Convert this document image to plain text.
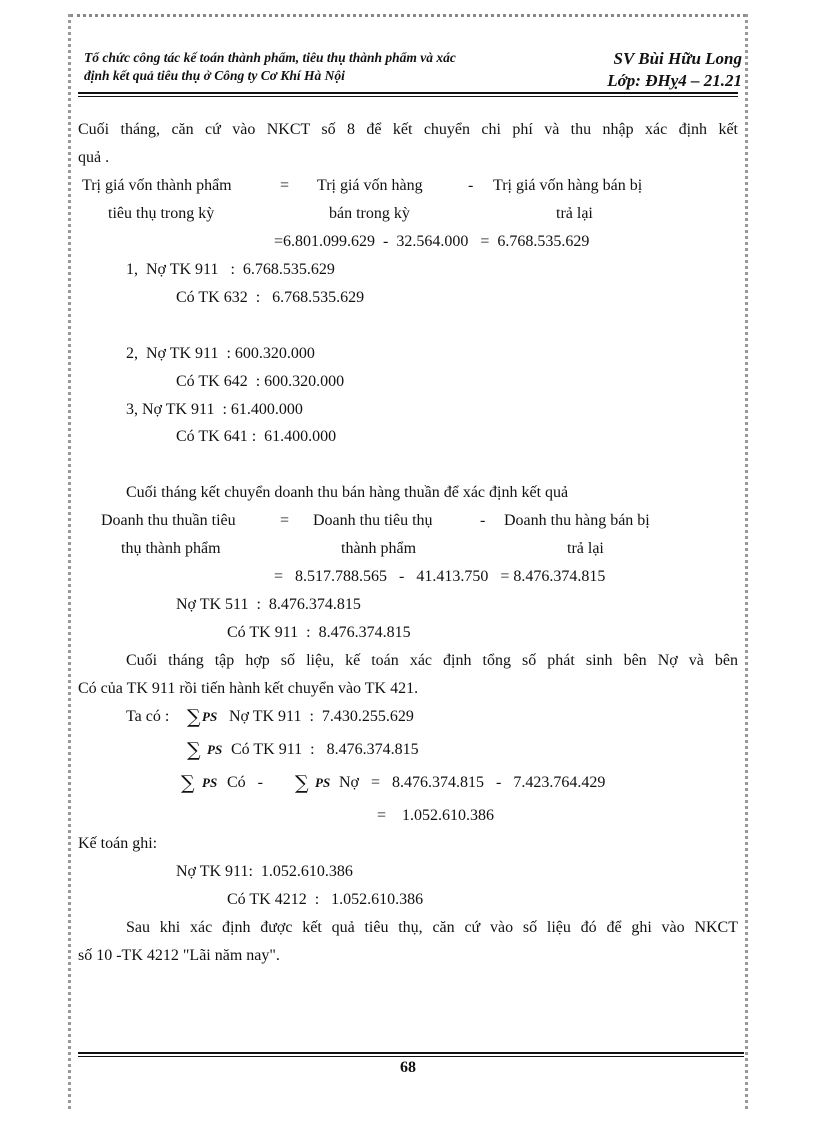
Tổ chức công tác kế toán thành phẩm, tiêu thụ thành phẩm và xác
định kết quả tiêu thụ ở Công ty Cơ Khí Hà Nội
SV Bùi Hữu Long
Lớp: ĐHỵ4 – 21.21
Cuối tháng, căn cứ vào NKCT số 8 để kết chuyển chi phí và thu nhập xác định kết
quả .
Trị giá vốn thành phẩm	= Trị giá vốn hàng	- Trị giá vốn hàng bán bị
tiêu thụ trong kỳ	bán trong kỳ	trả lại
=6.801.099.629  -  32.564.000   =  6.768.535.629
1,  Nợ TK 911   :  6.768.535.629
Có TK 632  :   6.768.535.629
2,  Nợ TK 911  : 600.320.000
Có TK 642  : 600.320.000
3, Nợ TK 911  : 61.400.000
Có TK 641 :  61.400.000
Cuối tháng kết chuyển doanh thu bán hàng thuần để xác định kết quả
Doanh thu thuần tiêu	= Doanh thu tiêu thụ	- Doanh thu hàng bán bị
thụ thành phẩm	thành phẩm	trả lại
=   8.517.788.565   -   41.413.750   = 8.476.374.815
Nợ TK 511  :  8.476.374.815
Có TK 911  :  8.476.374.815
Cuối tháng tập hợp số liệu, kế toán xác định tổng số phát sinh bên Nợ và bên
Có của TK 911 rồi tiến hành kết chuyển vào TK 421.
Ta có : ∑ PS Nợ TK 911  :  7.430.255.629
∑ PS Có TK 911  :   8.476.374.815
∑ PS Có   - ∑ PS Nợ   =   8.476.374.815   -   7.423.764.429
=    1.052.610.386
Kế toán ghi:
Nợ TK 911:  1.052.610.386
Có TK 4212  :   1.052.610.386
Sau khi xác định được kết quả tiêu thụ, căn cứ vào số liệu đó để ghi vào NKCT
số 10 -TK 4212 "Lãi năm nay".
68
